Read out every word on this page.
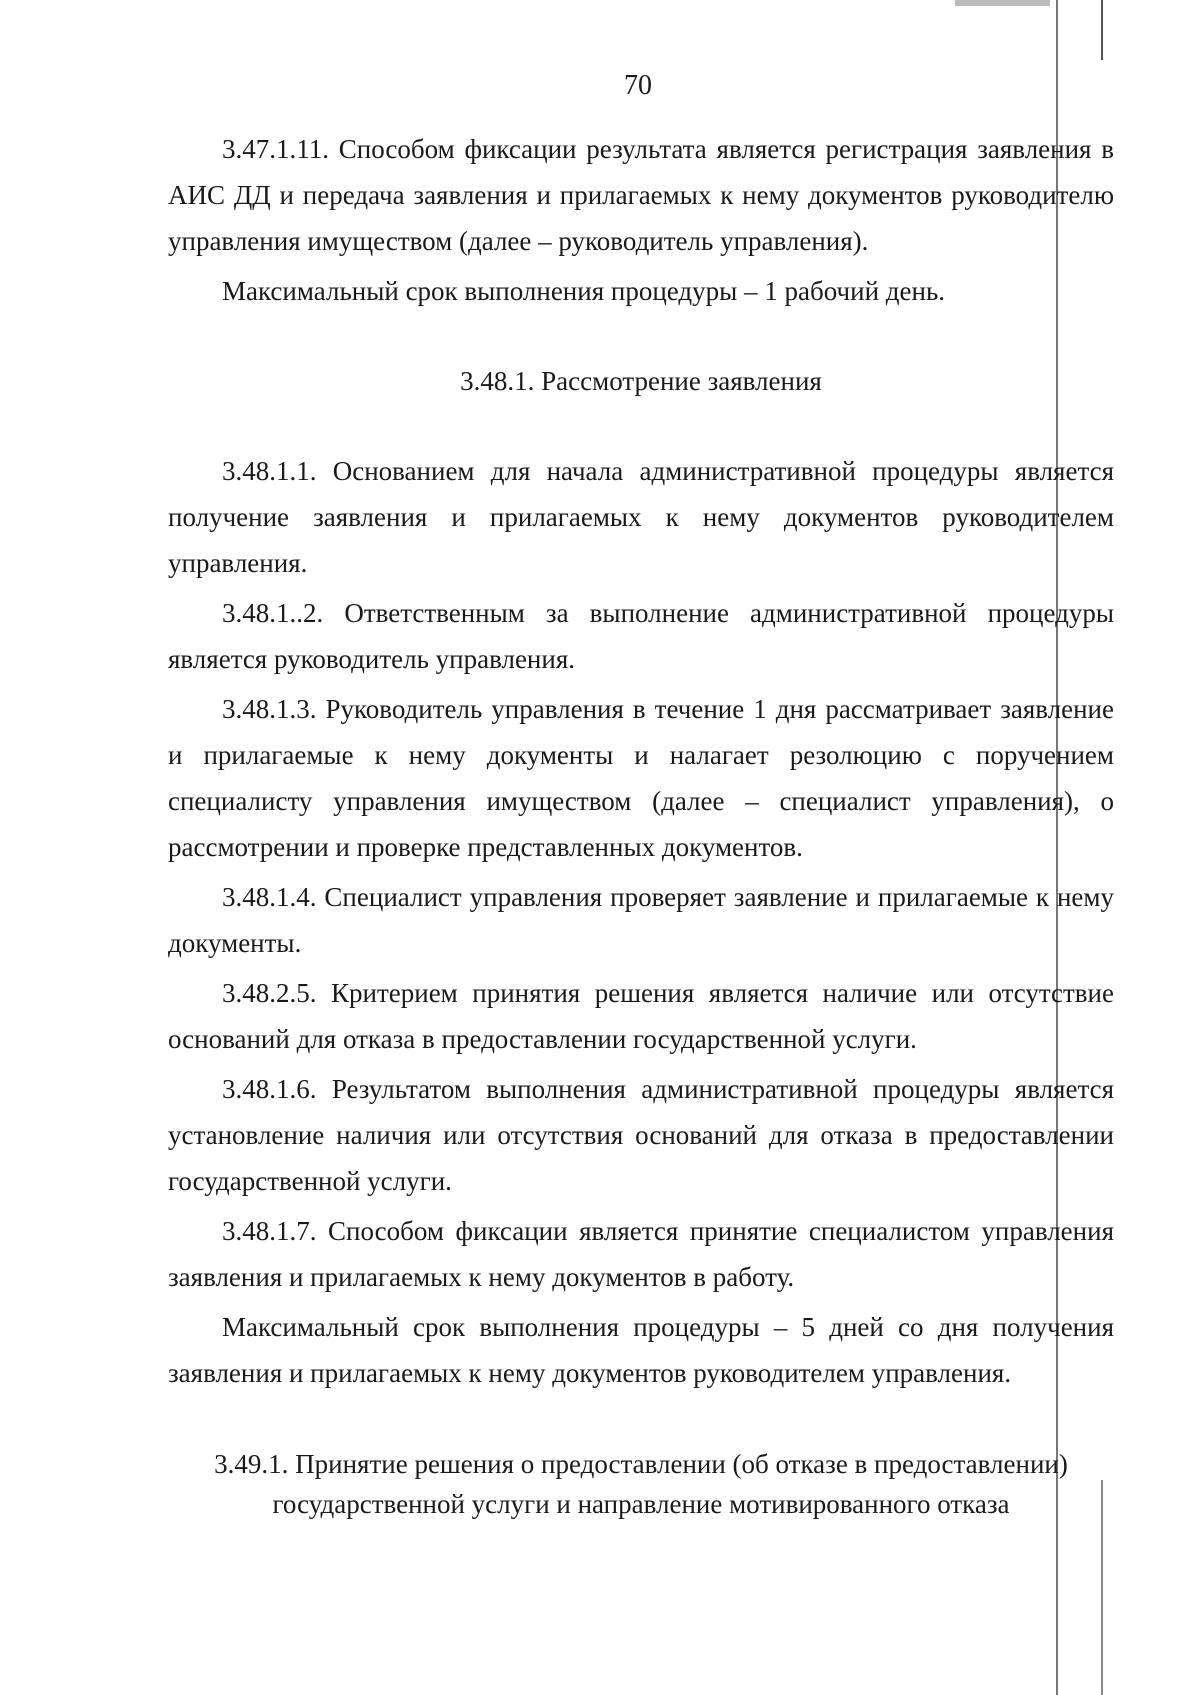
70

3.47.1.11. Способом фиксации результата является регистрация заявления в АИС ДД и передача заявления и прилагаемых к нему документов руководителю управления имуществом (далее – руководитель управления).

Максимальный срок выполнения процедуры – 1 рабочий день.

3.48.1. Рассмотрение заявления

3.48.1.1. Основанием для начала административной процедуры является получение заявления и прилагаемых к нему документов руководителем управления.

3.48.1..2. Ответственным за выполнение административной процедуры является руководитель управления.

3.48.1.3. Руководитель управления в течение 1 дня рассматривает заявление и прилагаемые к нему документы и налагает резолюцию с поручением специалисту управления имуществом (далее – специалист управления), о рассмотрении и проверке представленных документов.

3.48.1.4. Специалист управления проверяет заявление и прилагаемые к нему документы.

3.48.2.5. Критерием принятия решения является наличие или отсутствие оснований для отказа в предоставлении государственной услуги.

3.48.1.6. Результатом выполнения административной процедуры является установление наличия или отсутствия оснований для отказа в предоставлении государственной услуги.

3.48.1.7. Способом фиксации является принятие специалистом управления заявления и прилагаемых к нему документов в работу.

Максимальный срок выполнения процедуры – 5 дней со дня получения заявления и прилагаемых к нему документов руководителем управления.

3.49.1. Принятие решения о предоставлении (об отказе в предоставлении) государственной услуги и направление мотивированного отказа
